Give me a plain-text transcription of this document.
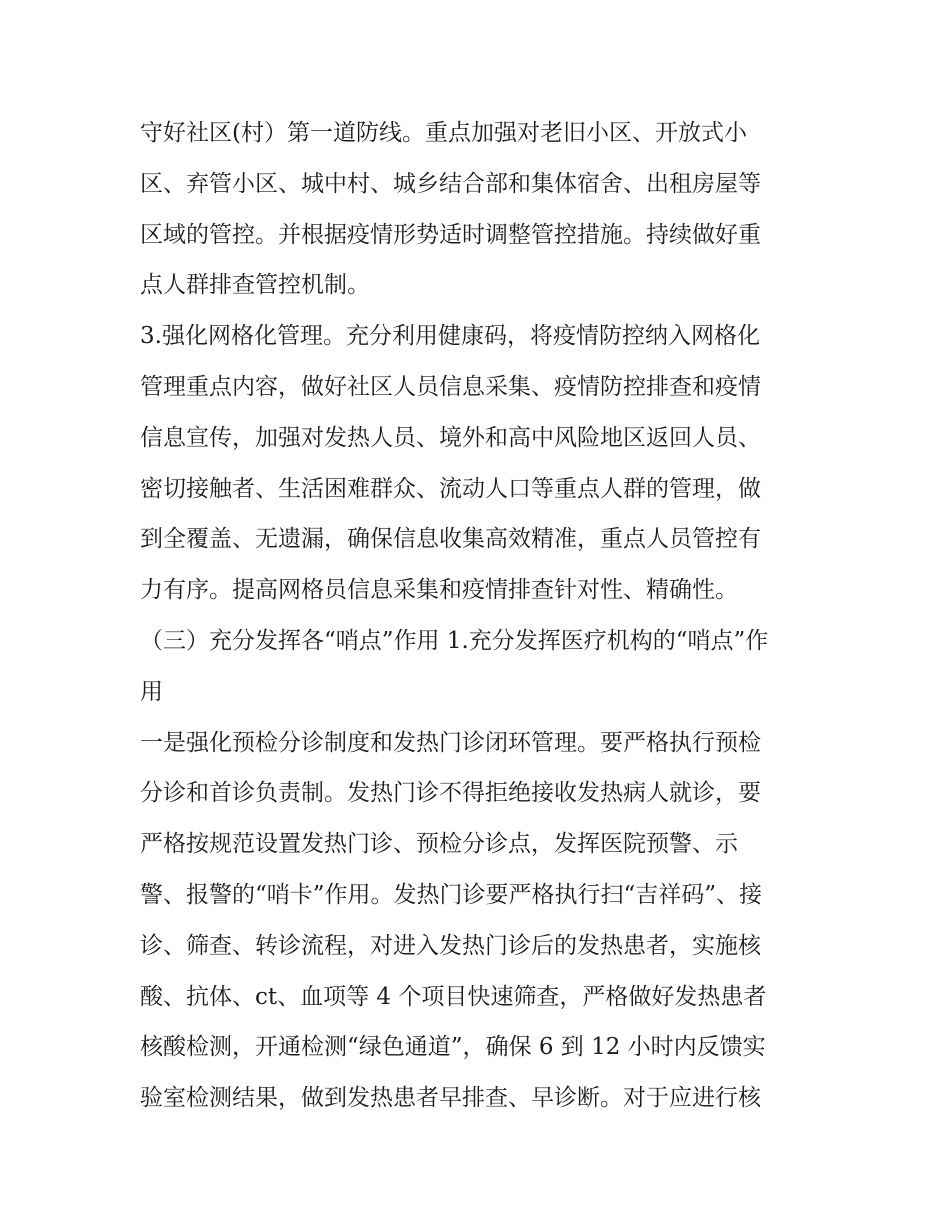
守好社区(村）第一道防线。重点加强对老旧小区、开放式小
区、弃管小区、城中村、城乡结合部和集体宿舍、出租房屋等
区域的管控。并根据疫情形势适时调整管控措施。持续做好重
点人群排查管控机制。
3.强化网格化管理。充分利用健康码，将疫情防控纳入网格化
管理重点内容，做好社区人员信息采集、疫情防控排查和疫情
信息宣传，加强对发热人员、境外和高中风险地区返回人员、
密切接触者、生活困难群众、流动人口等重点人群的管理，做
到全覆盖、无遗漏，确保信息收集高效精准，重点人员管控有
力有序。提高网格员信息采集和疫情排查针对性、精确性。
（三）充分发挥各“哨点”作用 1.充分发挥医疗机构的“哨点”作
用
一是强化预检分诊制度和发热门诊闭环管理。要严格执行预检
分诊和首诊负责制。发热门诊不得拒绝接收发热病人就诊，要
严格按规范设置发热门诊、预检分诊点，发挥医院预警、示
警、报警的“哨卡”作用。发热门诊要严格执行扫“吉祥码”、接
诊、筛查、转诊流程，对进入发热门诊后的发热患者，实施核
酸、抗体、ct、血项等 4 个项目快速筛查，严格做好发热患者
核酸检测，开通检测“绿色通道”，确保 6 到 12 小时内反馈实
验室检测结果，做到发热患者早排查、早诊断。对于应进行核
